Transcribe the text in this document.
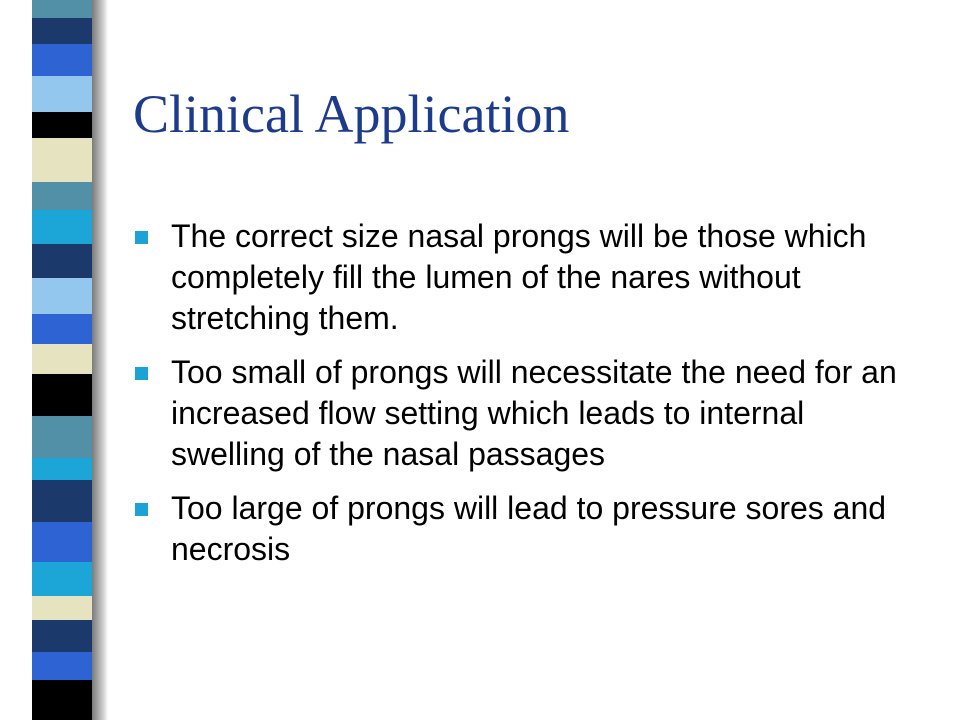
Clinical Application
The correct size nasal prongs will be those which completely fill the lumen of the nares without stretching them.
Too small of prongs will necessitate the need for an increased flow setting which leads to internal swelling of the nasal passages
Too large of prongs will lead to pressure sores and necrosis
